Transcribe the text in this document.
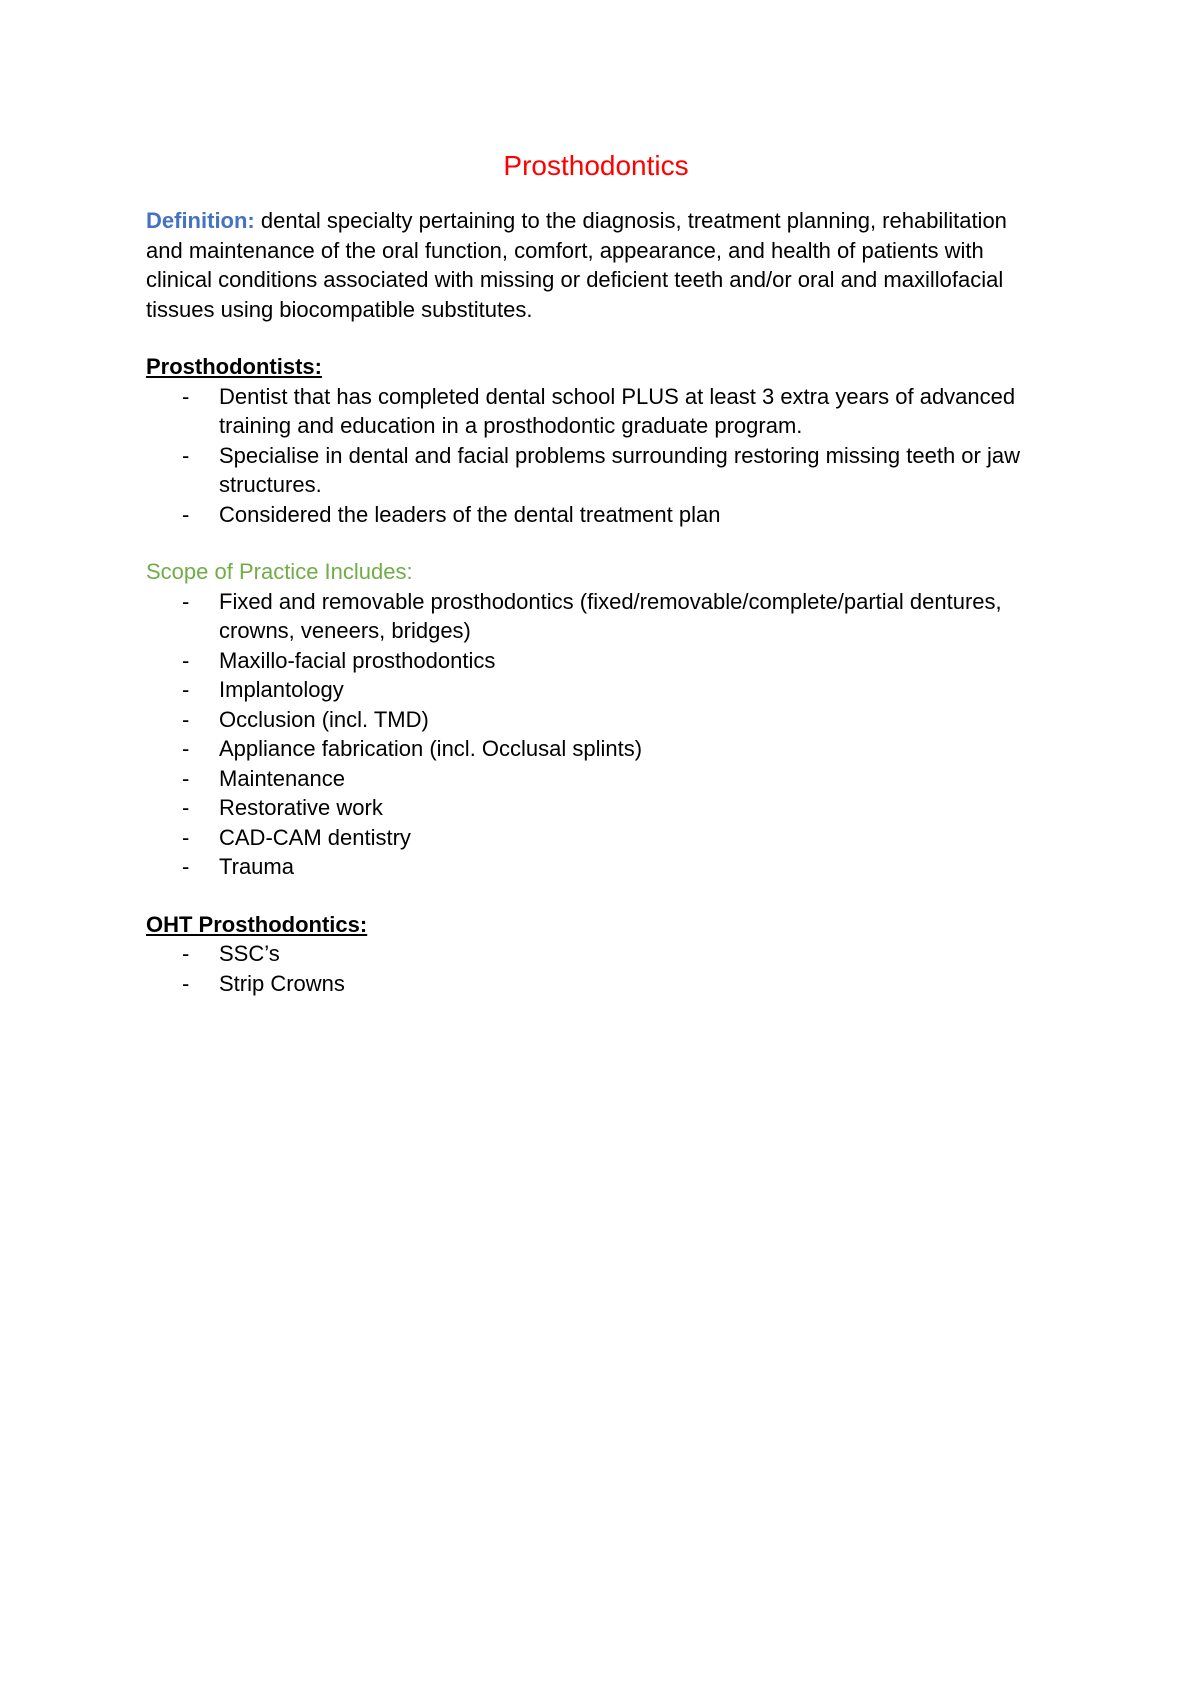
Prosthodontics

Definition: dental specialty pertaining to the diagnosis, treatment planning, rehabilitation and maintenance of the oral function, comfort, appearance, and health of patients with clinical conditions associated with missing or deficient teeth and/or oral and maxillofacial tissues using biocompatible substitutes.

Prosthodontists:

- Dentist that has completed dental school PLUS at least 3 extra years of advanced training and education in a prosthodontic graduate program.
- Specialise in dental and facial problems surrounding restoring missing teeth or jaw structures.
- Considered the leaders of the dental treatment plan

Scope of Practice Includes:

- Fixed and removable prosthodontics (fixed/removable/complete/partial dentures, crowns, veneers, bridges)
- Maxillo-facial prosthodontics
- Implantology
- Occlusion (incl. TMD)
- Appliance fabrication (incl. Occlusal splints)
- Maintenance
- Restorative work
- CAD-CAM dentistry
- Trauma

OHT Prosthodontics:

- SSC’s
- Strip Crowns
